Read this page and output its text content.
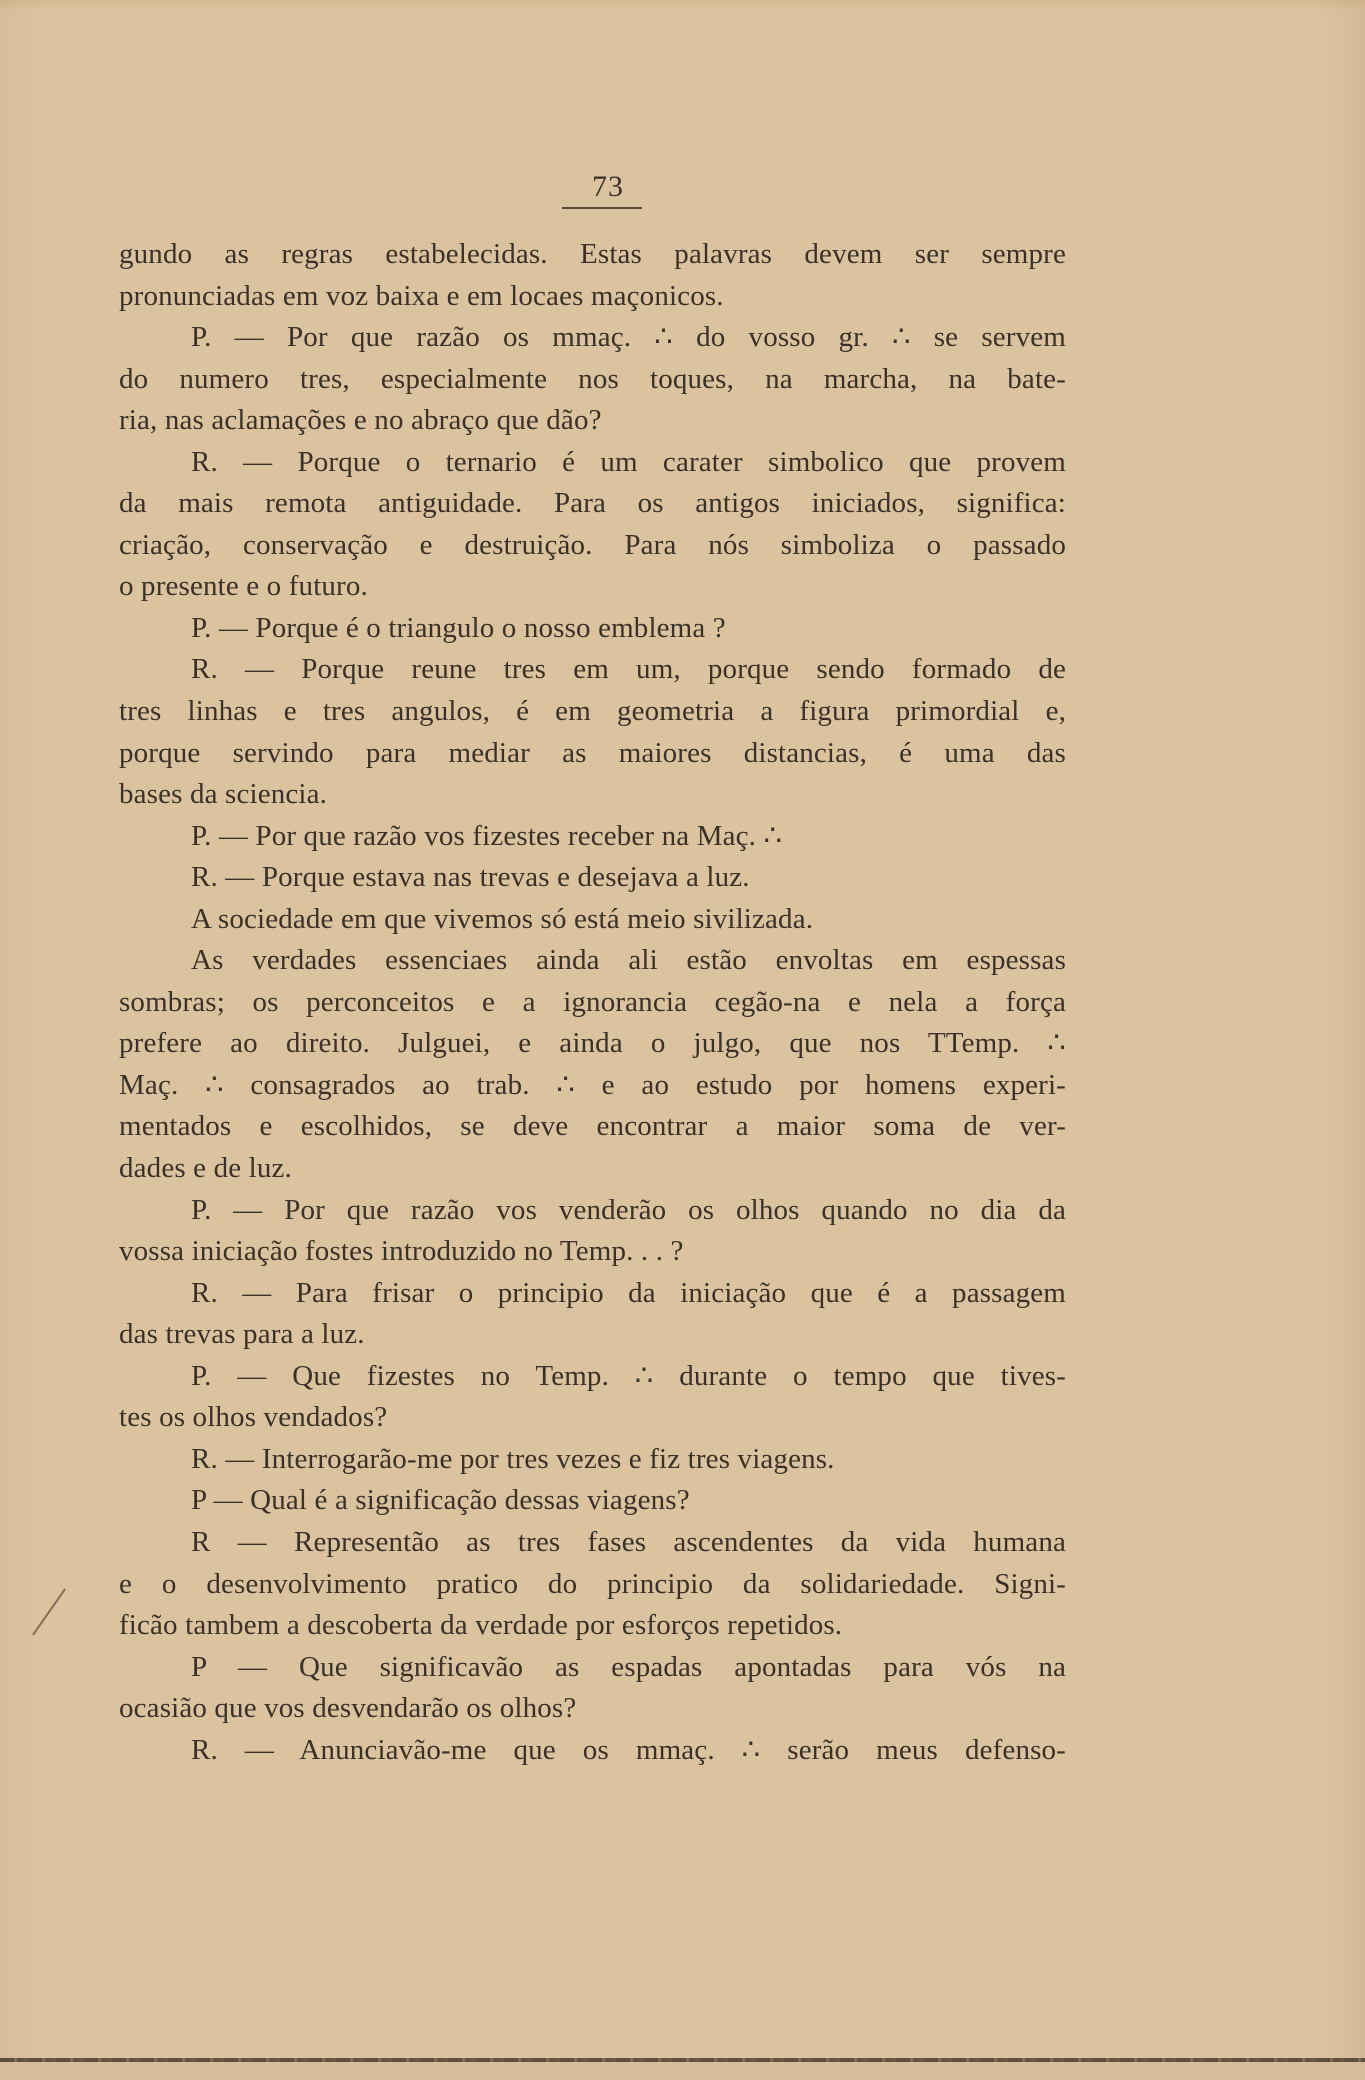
73
gundo as regras estabelecidas. Estas palavras devem ser sempre
pronunciadas em voz baixa e em locaes maçonicos.
P. — Por que razão os mmaç. ∴ do vosso gr. ∴ se servem
do numero tres, especialmente nos toques, na marcha, na bate-
ria, nas aclamações e no abraço que dão?
R. — Porque o ternario é um carater simbolico que provem
da mais remota antiguidade. Para os antigos iniciados, significa:
criação, conservação e destruição. Para nós simboliza o passado
o presente e o futuro.
P. — Porque é o triangulo o nosso emblema ?
R. — Porque reune tres em um, porque sendo formado de
tres linhas e tres angulos, é em geometria a figura primordial e,
porque servindo para mediar as maiores distancias, é uma das
bases da sciencia.
P. — Por que razão vos fizestes receber na Maç. ∴
R. — Porque estava nas trevas e desejava a luz.
A sociedade em que vivemos só está meio sivilizada.
As verdades essenciaes ainda ali estão envoltas em espessas
sombras; os perconceitos e a ignorancia cegão-na e nela a força
prefere ao direito. Julguei, e ainda o julgo, que nos TTemp. ∴
Maç. ∴ consagrados ao trab. ∴ e ao estudo por homens experi-
mentados e escolhidos, se deve encontrar a maior soma de ver-
dades e de luz.
P. — Por que razão vos venderão os olhos quando no dia da
vossa iniciação fostes introduzido no Temp. . . ?
R. — Para frisar o principio da iniciação que é a passagem
das trevas para a luz.
P. — Que fizestes no Temp. ∴ durante o tempo que tives-
tes os olhos vendados?
R. — Interrogarão-me por tres vezes e fiz tres viagens.
P — Qual é a significação dessas viagens?
R — Representão as tres fases ascendentes da vida humana
e o desenvolvimento pratico do principio da solidariedade. Signi-
ficão tambem a descoberta da verdade por esforços repetidos.
P — Que significavão as espadas apontadas para vós na
ocasião que vos desvendarão os olhos?
R. — Anunciavão-me que os mmaç. ∴ serão meus defenso-
